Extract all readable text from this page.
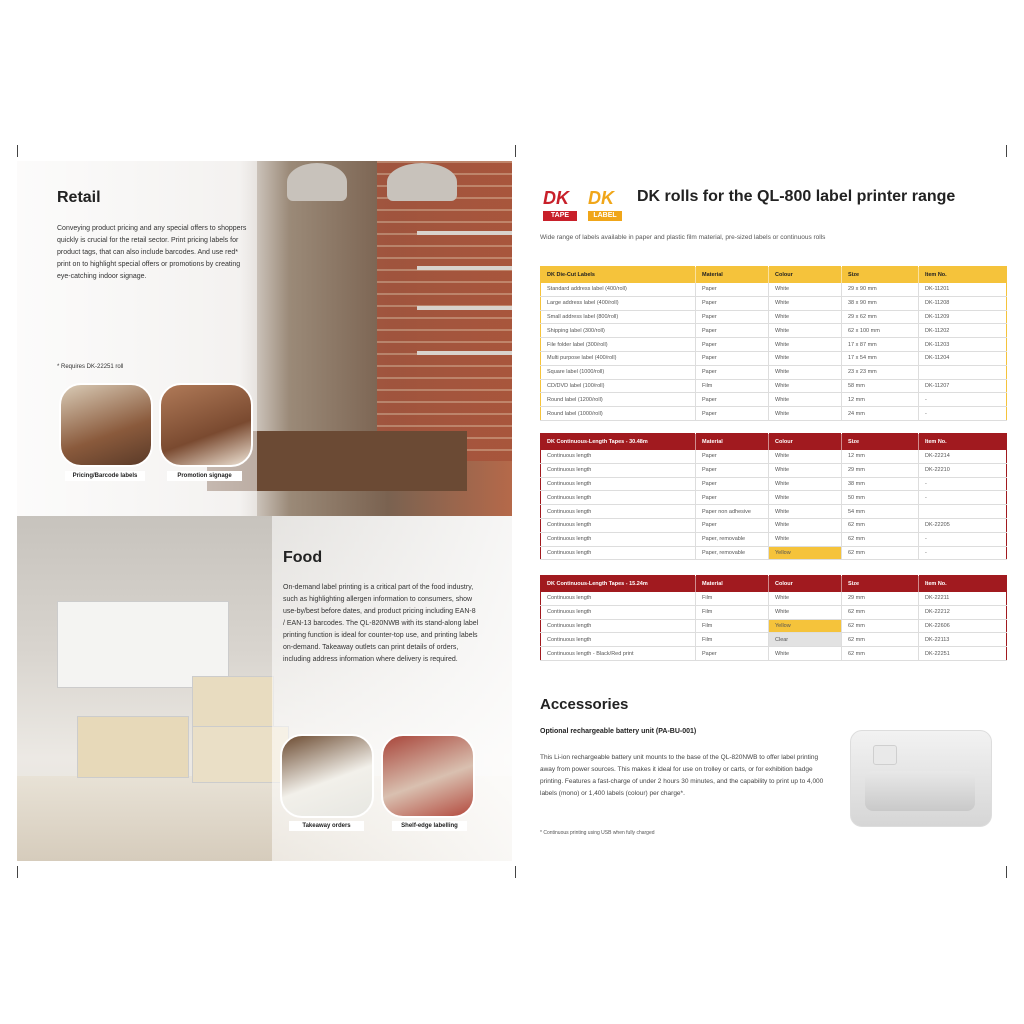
Retail
Conveying product pricing and any special offers to shoppers quickly is crucial for the retail sector. Print pricing labels for product tags, that can also include barcodes. And use red* print on to highlight special offers or promotions by creating eye-catching indoor signage.
* Requires DK-22251 roll
Pricing/Barcode labels	Promotion signage
Food
On-demand label printing is a critical part of the food industry, such as highlighting allergen information to consumers, show use-by/best before dates, and product pricing including EAN-8 / EAN-13 barcodes. The QL-820NWB with its stand-along label printing function is ideal for counter-top use, and printing labels on-demand. Takeaway outlets can print details of orders, including address information where delivery is required.
Takeaway orders	Shelf-edge labelling
DK
TAPE
DK
LABEL
DK rolls for the QL-800 label printer range
Wide range of labels available in paper and plastic film material, pre-sized labels or continuous rolls
DK Die-Cut Labels	Material	Colour	Size	Item No.
Standard address label (400/roll)	Paper	White	29 x 90 mm	DK-11201
Large address label (400/roll)	Paper	White	38 x 90 mm	DK-11208
Small address label (800/roll)	Paper	White	29 x 62 mm	DK-11209
Shipping label (300/roll)	Paper	White	62 x 100 mm	DK-11202
File folder label (300/roll)	Paper	White	17 x 87 mm	DK-11203
Multi purpose label (400/roll)	Paper	White	17 x 54 mm	DK-11204
Square label (1000/roll)	Paper	White	23 x 23 mm	
CD/DVD label (100/roll)	Film	White	58 mm	DK-11207
Round label (1200/roll)	Paper	White	12 mm	-
Round label (1000/roll)	Paper	White	24 mm	-
DK Continuous-Length Tapes - 30.48m	Material	Colour	Size	Item No.
Continuous length	Paper	White	12 mm	DK-22214
Continuous length	Paper	White	29 mm	DK-22210
Continuous length	Paper	White	38 mm	-
Continuous length	Paper	White	50 mm	-
Continuous length	Paper non adhesive	White	54 mm	
Continuous length	Paper	White	62 mm	DK-22205
Continuous length	Paper, removable	White	62 mm	-
Continuous length	Paper, removable	Yellow	62 mm	-
DK Continuous-Length Tapes - 15.24m	Material	Colour	Size	Item No.
Continuous length	Film	White	29 mm	DK-22211
Continuous length	Film	White	62 mm	DK-22212
Continuous length	Film	Yellow	62 mm	DK-22606
Continuous length	Film	Clear	62 mm	DK-22113
Continuous length - Black/Red print	Paper	White	62 mm	DK-22251
Accessories
Optional rechargeable battery unit (PA-BU-001)
This Li-ion rechargeable battery unit mounts to the base of the QL-820NWB to offer label printing away from power sources. This makes it ideal for use on trolley or carts, or for exhibition badge printing. Features a fast-charge of under 2 hours 30 minutes, and the capability to print up to 4,000 labels (mono) or 1,400 labels (colour) per charge*.
* Continuous printing using USB when fully charged
